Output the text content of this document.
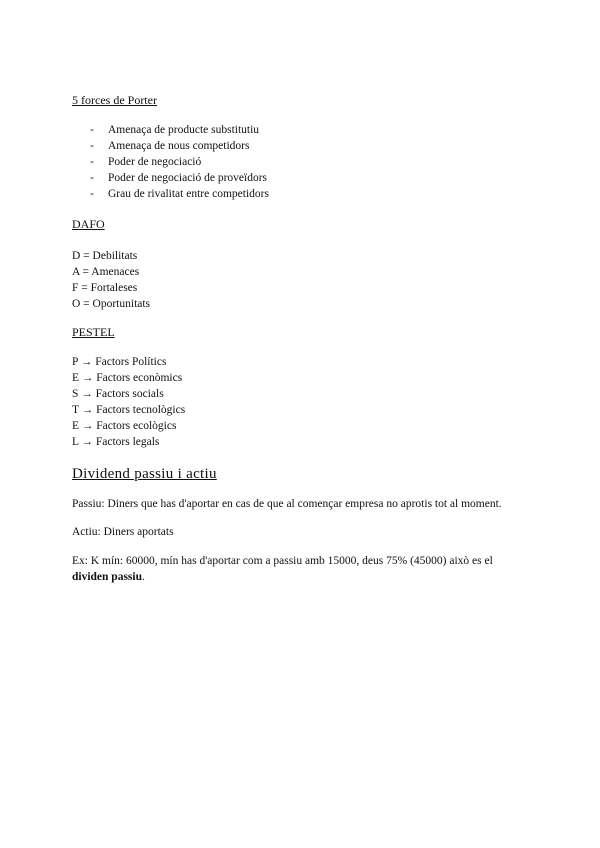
5 forces de Porter

- Amenaça de producte substitutiu
- Amenaça de nous competidors
- Poder de negociació
- Poder de negociació de proveïdors
- Grau de rivalitat entre competidors

DAFO

D = Debilitats

A = Amenaces

F = Fortaleses

O = Oportunitats

PESTEL

P → Factors Polítics

E → Factors econòmics

S → Factors socials

T → Factors tecnològics

E → Factors ecològics

L → Factors legals

Dividend passiu i actiu

Passiu: Diners que has d'aportar en cas de que al començar empresa no aprotis tot al moment.

Actiu: Diners aportats

Ex: K mín: 60000, mín has d'aportar com a passiu amb 15000, deus 75% (45000) això es el
dividen passiu.
